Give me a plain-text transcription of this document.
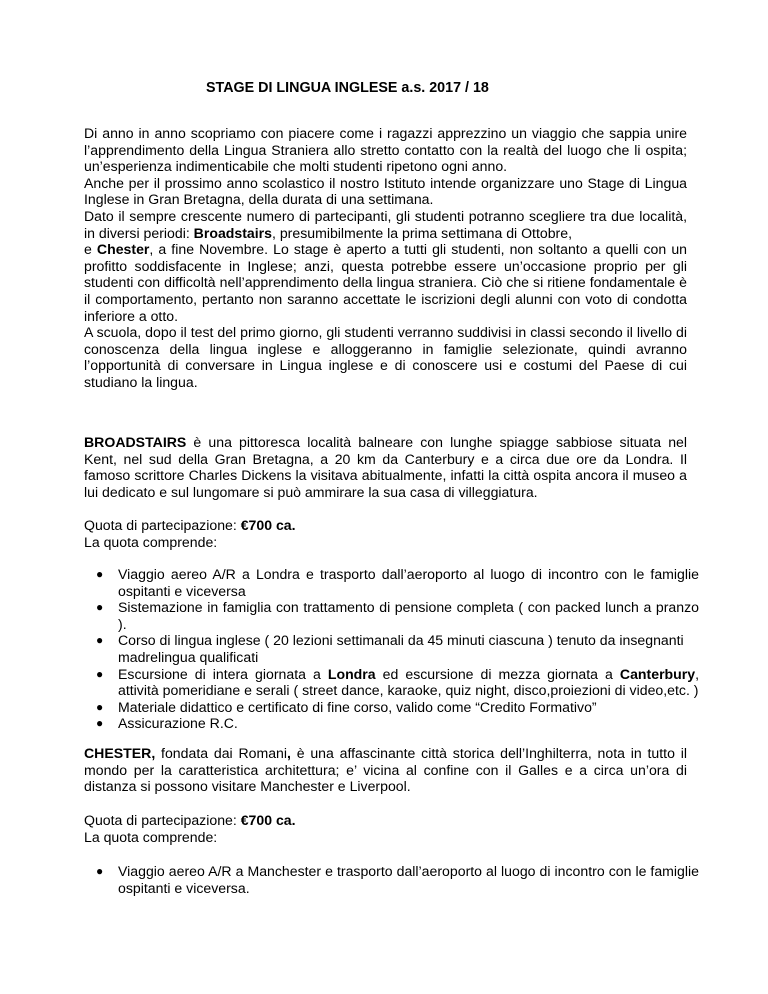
STAGE DI LINGUA INGLESE a.s. 2017 / 18

Di anno in anno scopriamo con piacere come i ragazzi apprezzino un viaggio che sappia unire l’apprendimento della Lingua Straniera allo stretto contatto con la realtà del luogo che li ospita; un’esperienza indimenticabile che molti studenti ripetono ogni anno.

Anche per il prossimo anno scolastico il nostro Istituto intende organizzare uno Stage di Lingua Inglese in Gran Bretagna, della durata di una settimana.

Dato il sempre crescente numero di partecipanti, gli studenti potranno scegliere tra due località, in diversi periodi: Broadstairs, presumibilmente la prima settimana di Ottobre,

e Chester, a fine Novembre. Lo stage è aperto a tutti gli studenti, non soltanto a quelli con un profitto soddisfacente in Inglese; anzi, questa potrebbe essere un’occasione proprio per gli studenti con difficoltà nell’apprendimento della lingua straniera. Ciò che si ritiene fondamentale è il comportamento, pertanto non saranno accettate le iscrizioni degli alunni con voto di condotta inferiore a otto.

A scuola, dopo il test del primo giorno, gli studenti verranno suddivisi in classi secondo il livello di conoscenza della lingua inglese e alloggeranno in famiglie selezionate, quindi avranno l’opportunità di conversare in Lingua inglese e di conoscere usi e costumi del Paese di cui studiano la lingua.

BROADSTAIRS è una pittoresca località balneare con lunghe spiagge sabbiose situata nel Kent, nel sud della Gran Bretagna, a 20 km da Canterbury e a circa due ore da Londra. Il famoso scrittore Charles Dickens la visitava abitualmente, infatti la città ospita ancora il museo a lui dedicato e sul lungomare si può ammirare la sua casa di villeggiatura.

Quota di partecipazione: €700 ca.

La quota comprende:

● Viaggio aereo A/R a Londra e trasporto dall’aeroporto al luogo di incontro con le famiglie ospitanti e viceversa
● Sistemazione in famiglia con trattamento di pensione completa ( con packed lunch a pranzo ).
● Corso di lingua inglese ( 20 lezioni settimanali da 45 minuti ciascuna ) tenuto da insegnanti madrelingua qualificati
● Escursione di intera giornata a Londra ed escursione di mezza giornata a Canterbury, attività pomeridiane e serali ( street dance, karaoke, quiz night, disco,proiezioni di video,etc. )
● Materiale didattico e certificato di fine corso, valido come “Credito Formativo”
● Assicurazione R.C.

CHESTER, fondata dai Romani, è una affascinante città storica dell’Inghilterra, nota in tutto il mondo per la caratteristica architettura; e’ vicina al confine con il Galles e a circa un’ora di distanza si possono visitare Manchester e Liverpool.

Quota di partecipazione: €700 ca.

La quota comprende:

● Viaggio aereo A/R a Manchester e trasporto dall’aeroporto al luogo di incontro con le famiglie ospitanti e viceversa.
